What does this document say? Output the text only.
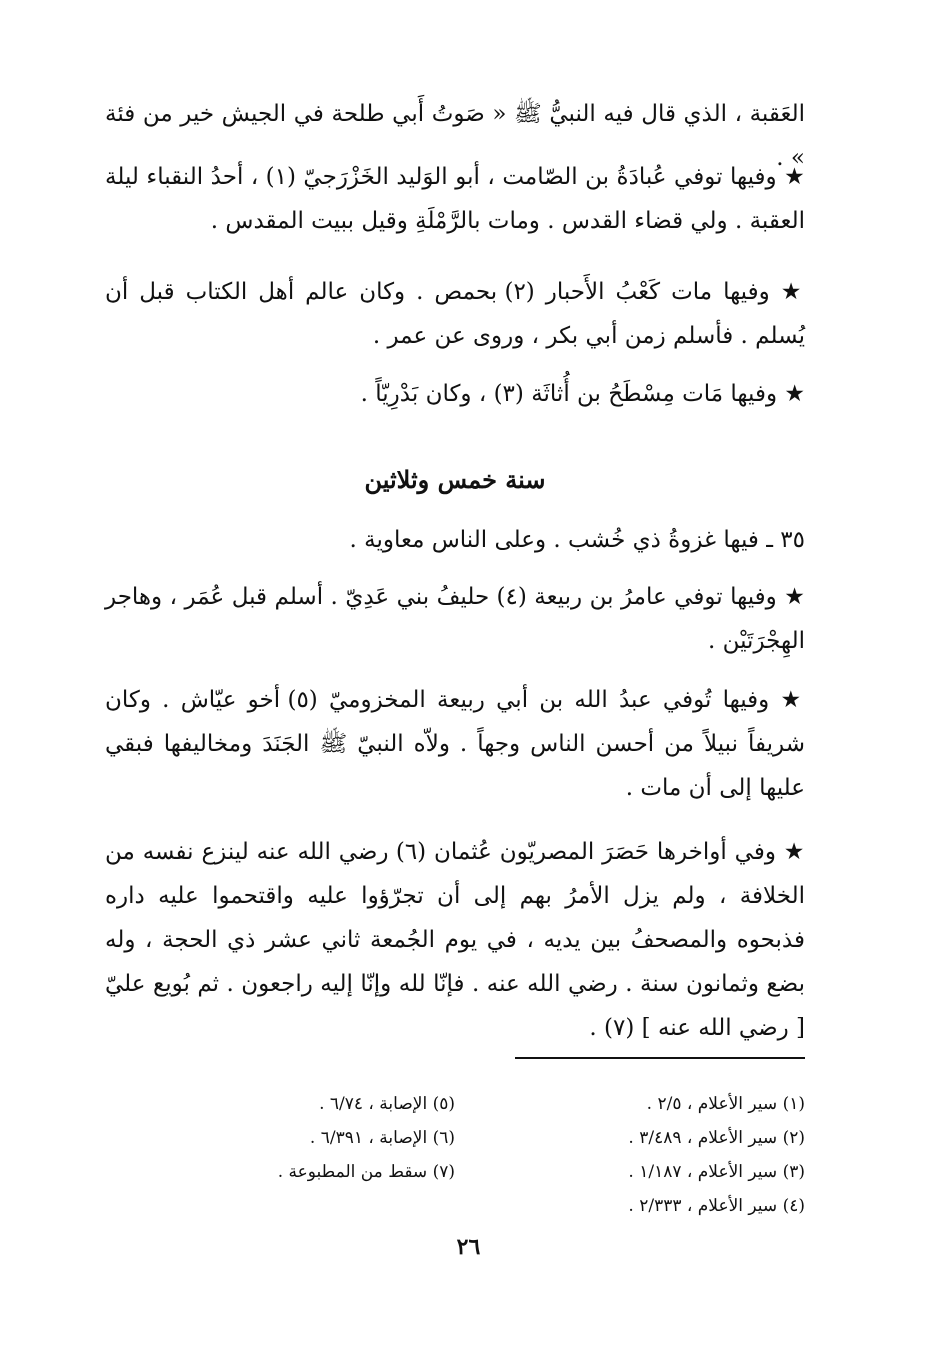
العَقبة ، الذي قال فيه النبيُّ ﷺ « صَوتُ أَبي طلحة في الجيش خير من فئة » .

★ وفيها توفي عُبادَةُ بن الصّامت ، أبو الوَليد الخَزْرَجيّ (١) ، أحدُ النقباء ليلة العقبة . ولي قضاء القدس . ومات بالرَّمْلَةِ وقيل ببيت المقدس .

★ وفيها مات كَعْبُ الأَحبار (٢) بحمص . وكان عالم أهل الكتاب قبل أن يُسلم . فأسلم زمن أبي بكر ، وروى عن عمر .

★ وفيها مَات مِسْطَحُ بن أُثاثَة (٣) ، وكان بَدْرِيّاً .

سنة خمس وثلاثين

٣٥ ـ فيها غزوةُ ذي خُشب . وعلى الناس معاوية .

★ وفيها توفي عامرُ بن ربيعة (٤) حليفُ بني عَدِيّ . أسلم قبل عُمَر ، وهاجر الهِجْرَتَيْن .

★ وفيها تُوفي عبدُ الله بن أبي ربيعة المخزوميّ (٥) أخو عيّاش . وكان شريفاً نبيلاً من أحسن الناس وجهاً . ولاّه النبيّ ﷺ الجَنَدَ ومخاليفها فبقي عليها إلى أن مات .

★ وفي أواخرها حَصَرَ المصريّون عُثمان (٦) رضي الله عنه لينزع نفسه من الخلافة ، ولم يزل الأمرُ بهم إلى أن تجرّؤوا عليه واقتحموا عليه داره فذبحوه والمصحفُ بين يديه ، في يوم الجُمعة ثاني عشر ذي الحجة ، وله بضع وثمانون سنة . رضي الله عنه . فإنّا لله وإنّا إليه راجعون . ثم بُويع عليّ [ رضي الله عنه ] (٧) .

(١) سير الأعلام ، ٢/٥ .
(٢) سير الأعلام ، ٣/٤٨٩ .
(٣) سير الأعلام ، ١/١٨٧ .
(٤) سير الأعلام ، ٢/٣٣٣ .
(٥) الإصابة ، ٦/٧٤ .
(٦) الإصابة ، ٦/٣٩١ .
(٧) سقط من المطبوعة .
٢٦
